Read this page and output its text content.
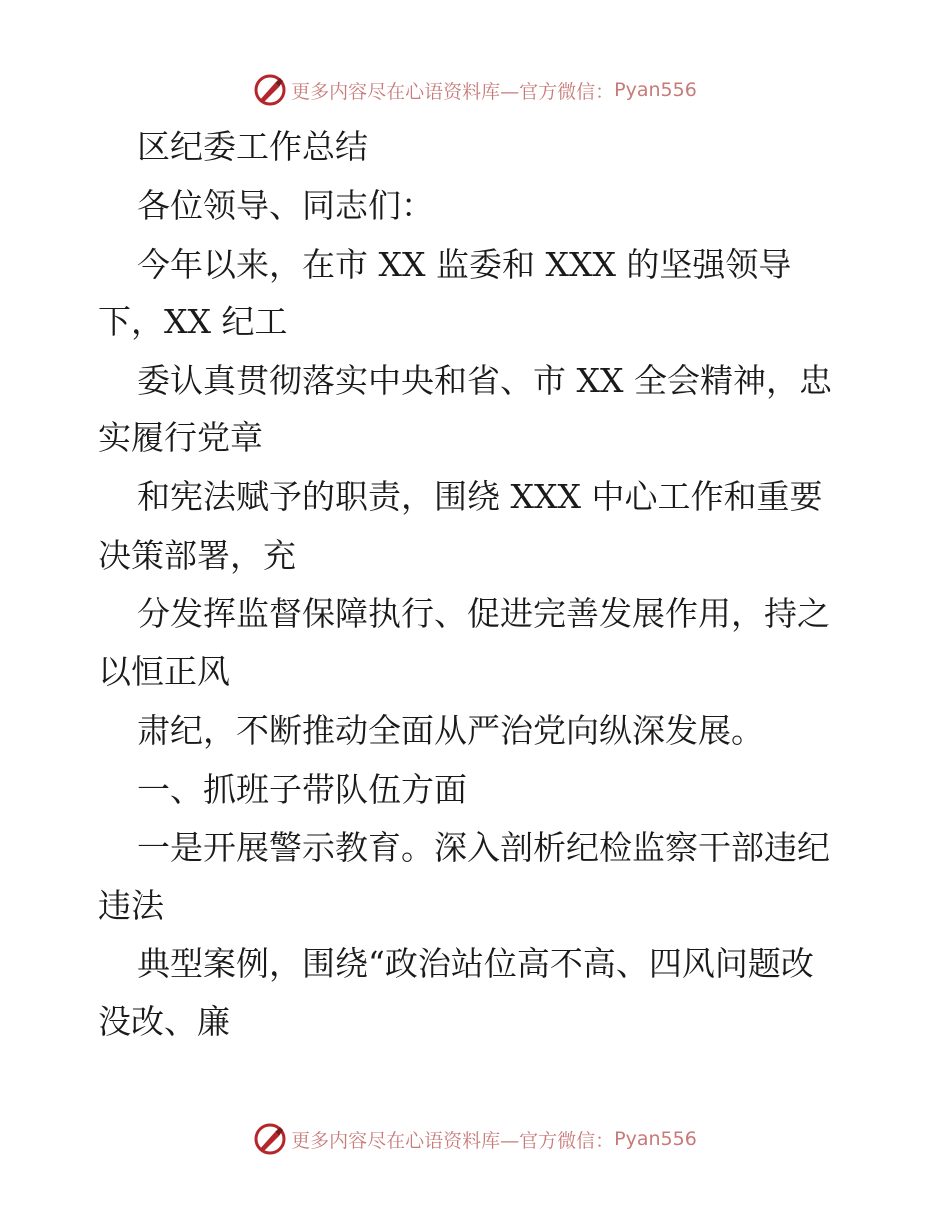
更多内容尽在心语资料库—官方微信： Pyan556
区纪委工作总结
各位领导、同志们：
今年以来，在市 XX 监委和 XXX 的坚强领导
下，XX 纪工
委认真贯彻落实中央和省、市 XX 全会精神，忠
实履行党章
和宪法赋予的职责，围绕 XXX 中心工作和重要
决策部署，充
分发挥监督保障执行、促进完善发展作用，持之
以恒正风
肃纪，不断推动全面从严治党向纵深发展。
一、抓班子带队伍方面
一是开展警示教育。深入剖析纪检监察干部违纪
违法
典型案例，围绕“政治站位高不高、四风问题改
没改、廉
更多内容尽在心语资料库—官方微信： Pyan556
